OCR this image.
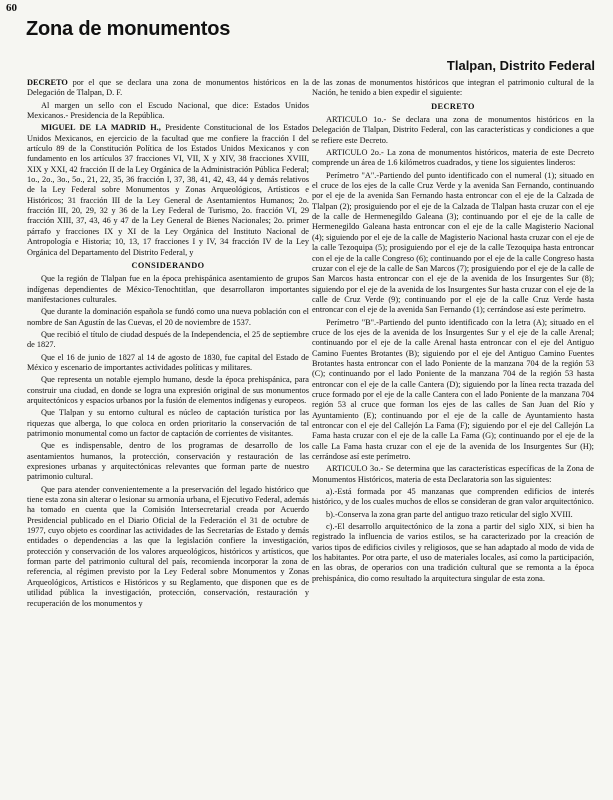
60
Zona de monumentos
Tlalpan, Distrito Federal

DECRETO por el que se declara una zona de monumentos históricos en la Delegación de Tlalpan, D. F.

Al margen un sello con el Escudo Nacional, que dice: Estados Unidos Mexicanos.- Presidencia de la República.

MIGUEL DE LA MADRID H., Presidente Constitucional de los Estados Unidos Mexicanos, en ejercicio de la facultad que me confiere la fracción I del artículo 89 de la Constitución Política de los Estados Unidos Mexicanos y con fundamento en los artículos 37 fracciones VI, VII, X y XIV, 38 fracciones XVIII, XIX y XXI, 42 fracción II de la Ley Orgánica de la Administración Pública Federal; 1o., 2o., 3o., 5o., 21, 22, 35, 36 fracción I, 37, 38, 41, 42, 43, 44 y demás relativos de la Ley Federal sobre Monumentos y Zonas Arqueológicos, Artísticos e Históricos; 31 fracción III de la Ley General de Asentamientos Humanos; 2o. fracción III, 20, 29, 32 y 36 de la Ley Federal de Turismo, 2o. fracción VI, 29 fracción XIII, 37, 43, 46 y 47 de la Ley General de Bienes Nacionales; 2o. primer párrafo y fracciones IX y XI de la Ley Orgánica del Instituto Nacional de Antropología e Historia; 10, 13, 17 fracciones I y IV, 34 fracción IV de la Ley Orgánica del Departamento del Distrito Federal, y

CONSIDERANDO

Que la región de Tlalpan fue en la época prehispánica asentamiento de grupos indígenas dependientes de México-Tenochtitlan, que desarrollaron importantes manifestaciones culturales.

Que durante la dominación española se fundó como una nueva población con el nombre de San Agustín de las Cuevas, el 20 de noviembre de 1537.

Que recibió el título de ciudad después de la Independencia, el 25 de septiembre de 1827.

Que el 16 de junio de 1827 al 14 de agosto de 1830, fue capital del Estado de México y escenario de importantes actividades políticas y militares.

Que representa un notable ejemplo humano, desde la época prehispánica, para construir una ciudad, en donde se logra una expresión original de sus monumentos arquitectónicos y espacios urbanos por la fusión de elementos indígenas y europeos.

Que Tlalpan y su entorno cultural es núcleo de captación turística por las riquezas que alberga, lo que coloca en orden prioritario la conservación de tal patrimonio monumental como un factor de captación de corrientes de visitantes.

Que es indispensable, dentro de los programas de desarrollo de los asentamientos humanos, la protección, conservación y restauración de las expresiones urbanas y arquitectónicas relevantes que forman parte de nuestro patrimonio cultural.

Que para atender convenientemente a la preservación del legado histórico que tiene esta zona sin alterar o lesionar su armonía urbana, el Ejecutivo Federal, además ha tomado en cuenta que la Comisión Intersecretarial creada por Acuerdo Presidencial publicado en el Diario Oficial de la Federación el 31 de octubre de 1977, cuyo objeto es coordinar las actividades de las Secretarías de Estado y demás entidades o dependencias a las que la legislación confiere la investigación, protección y conservación de los valores arqueológicos, históricos y artísticos, que forman parte del patrimonio cultural del país, recomienda incorporar la zona de referencia, al régimen previsto por la Ley Federal sobre Monumentos y Zonas Arqueológicos, Artísticos e Históricos y su Reglamento, que disponen que es de utilidad pública la investigación, protección, conservación, restauración y recuperación de los monumentos y

de las zonas de monumentos históricos que integran el patrimonio cultural de la Nación, he tenido a bien expedir el siguiente:

DECRETO

ARTICULO 1o.- Se declara una zona de monumentos históricos en la Delegación de Tlalpan, Distrito Federal, con las características y condiciones a que se refiere este Decreto.

ARTICULO 2o.- La zona de monumentos históricos, materia de este Decreto comprende un área de 1.6 kilómetros cuadrados, y tiene los siguientes linderos:

Perímetro "A".-Partiendo del punto identificado con el numeral (1); situado en el cruce de los ejes de la calle Cruz Verde y la avenida San Fernando, continuando por el eje de la avenida San Fernando hasta entroncar con el eje de la Calzada de Tlalpan (2); prosiguiendo por el eje de la Calzada de Tlalpan hasta cruzar con el eje de la calle de Hermenegildo Galeana (3); continuando por el eje de la calle de Hermenegildo Galeana hasta entroncar con el eje de la calle Magisterio Nacional (4); siguiendo por el eje de la calle de Magisterio Nacional hasta cruzar con el eje de la calle Tezoquipa (5); prosiguiendo por el eje de la calle Tezoquipa hasta entroncar con el eje de la calle Congreso (6); continuando por el eje de la calle Congreso hasta cruzar con el eje de la calle de San Marcos (7); prosiguiendo por el eje de la calle de San Marcos hasta entroncar con el eje de la avenida de los Insurgentes Sur (8); siguiendo por el eje de la avenida de los Insurgentes Sur hasta cruzar con el eje de la calle de Cruz Verde (9); continuando por el eje de la calle Cruz Verde hasta entroncar con el eje de la avenida San Fernando (1); cerrándose así este perímetro.

Perímetro "B".-Partiendo del punto identificado con la letra (A); situado en el cruce de los ejes de la avenida de los Insurgentes Sur y el eje de la calle Arenal; continuando por el eje de la calle Arenal hasta entroncar con el eje del Antiguo Camino Fuentes Brotantes (B); siguiendo por el eje del Antiguo Camino Fuentes Brotantes hasta entroncar con el lado Poniente de la manzana 704 de la región 53 (C); continuando por el lado Poniente de la manzana 704 de la región 53 hasta entroncar con el eje de la calle Cantera (D); siguiendo por la línea recta trazada del cruce formado por el eje de la calle Cantera con el lado Poniente de la manzana 704 región 53 al cruce que forman los ejes de las calles de San Juan del Río y Ayuntamiento (E); continuando por el eje de la calle de Ayuntamiento hasta entroncar con el eje del Callejón La Fama (F); siguiendo por el eje del Callejón La Fama hasta cruzar con el eje de la calle La Fama (G); continuando por el eje de la calle La Fama hasta cruzar con el eje de la avenida de los Insurgentes Sur (H); cerrándose así este perímetro.

ARTICULO 3o.- Se determina que las características específicas de la Zona de Monumentos Históricos, materia de esta Declaratoria son las siguientes:

a).-Está formada por 45 manzanas que comprenden edificios de interés histórico, y de los cuales muchos de ellos se consideran de gran valor arquitectónico.

b).-Conserva la zona gran parte del antiguo trazo reticular del siglo XVIII.

c).-El desarrollo arquitectónico de la zona a partir del siglo XIX, si bien ha registrado la influencia de varios estilos, se ha caracterizado por la creación de varios tipos de edificios civiles y religiosos, que se han adaptado al modo de vida de los habitantes. Por otra parte, el uso de materiales locales, así como la participación, en las obras, de operarios con una tradición cultural que se remonta a la época prehispánica, dio como resultado la arquitectura singular de esta zona.
